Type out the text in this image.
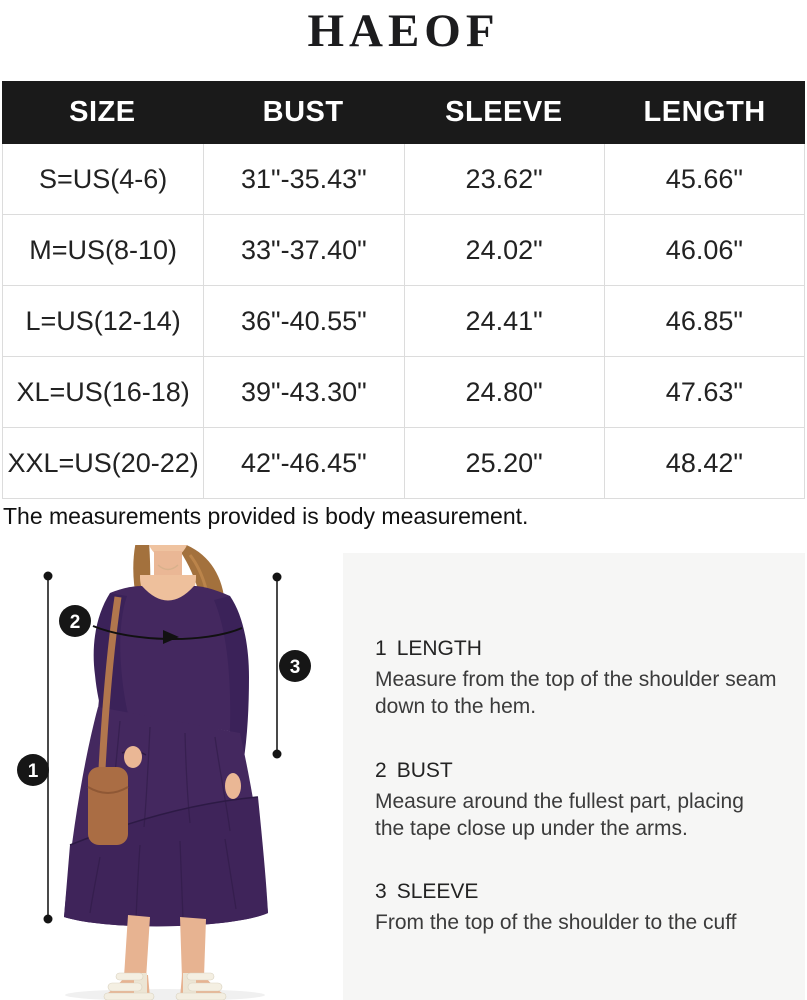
HAEOF
SIZE	BUST	SLEEVE	LENGTH
S=US(4-6)	31"-35.43"	23.62"	45.66"
M=US(8-10)	33"-37.40"	24.02"	46.06"
L=US(12-14)	36"-40.55"	24.41"	46.85"
XL=US(16-18)	39"-43.30"	24.80"	47.63"
XXL=US(20-22)	42"-46.45"	25.20"	48.42"

The measurements provided is body measurement.

1
2
3
1 LENGTH
Measure from the top of the shoulder seam down to the hem.
2 BUST
Measure around the fullest part, placing the tape close up under the arms.
3 SLEEVE
From the top of the shoulder to the cuff
